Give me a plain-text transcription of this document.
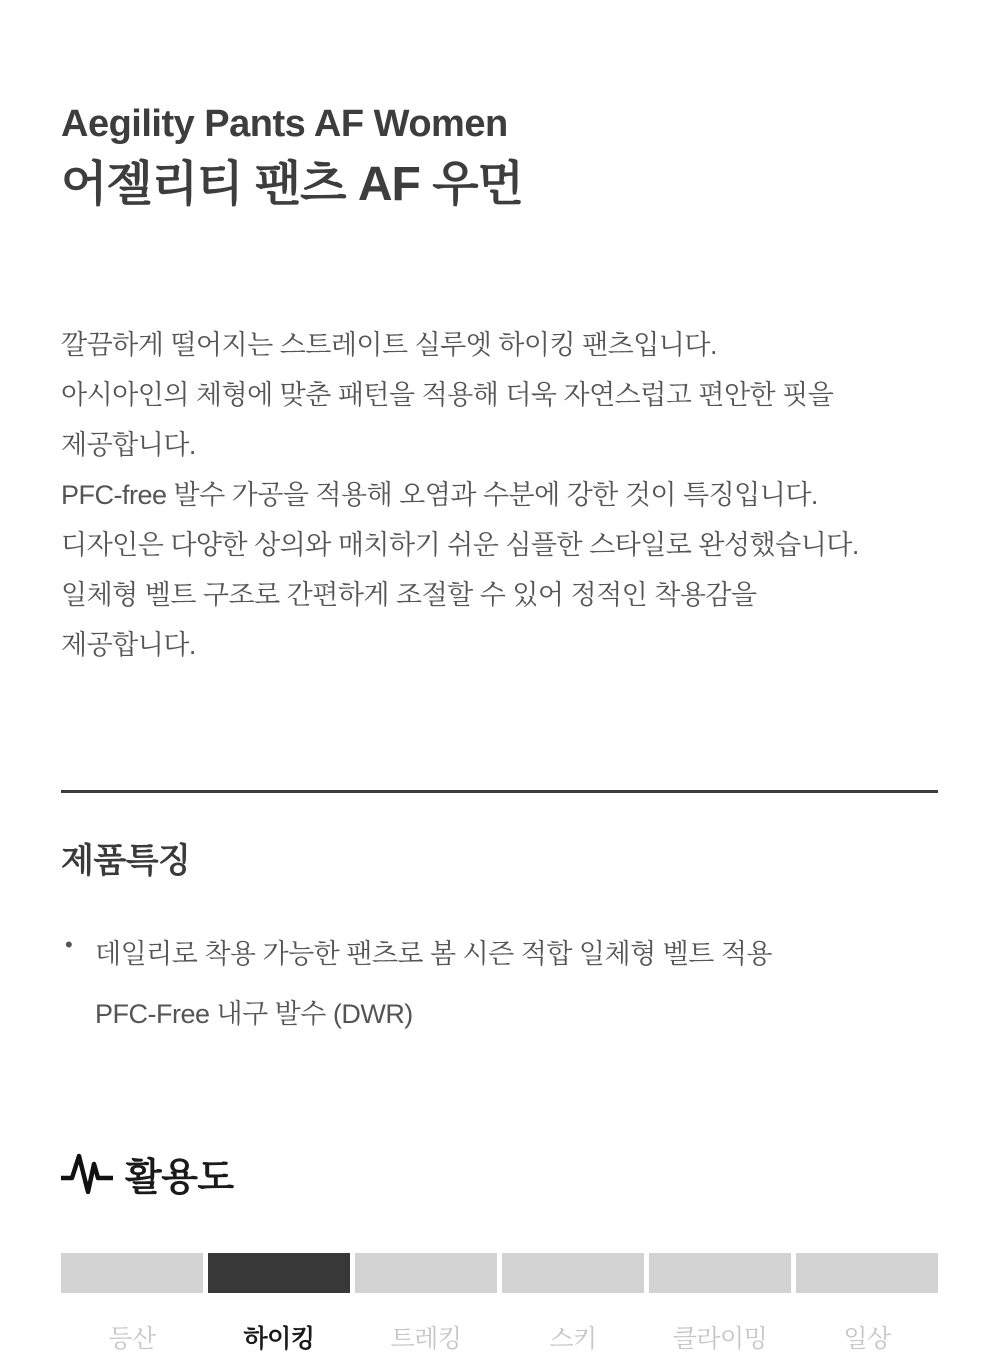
Aegility Pants AF Women
어젤리티 팬츠 AF 우먼
깔끔하게 떨어지는 스트레이트 실루엣 하이킹 팬츠입니다.
아시아인의 체형에 맞춘 패턴을 적용해 더욱 자연스럽고 편안한 핏을
제공합니다.
PFC-free 발수 가공을 적용해 오염과 수분에 강한 것이 특징입니다.
디자인은 다양한 상의와 매치하기 쉬운 심플한 스타일로 완성했습니다.
일체형 벨트 구조로 간편하게 조절할 수 있어 정적인 착용감을
제공합니다.
제품특징
• 데일리로 착용 가능한 팬츠로 봄 시즌 적합 일체형 벨트 적용
PFC-Free 내구 발수 (DWR)
활용도
등산	하이킹	트레킹	스키	클라이밍	일상
